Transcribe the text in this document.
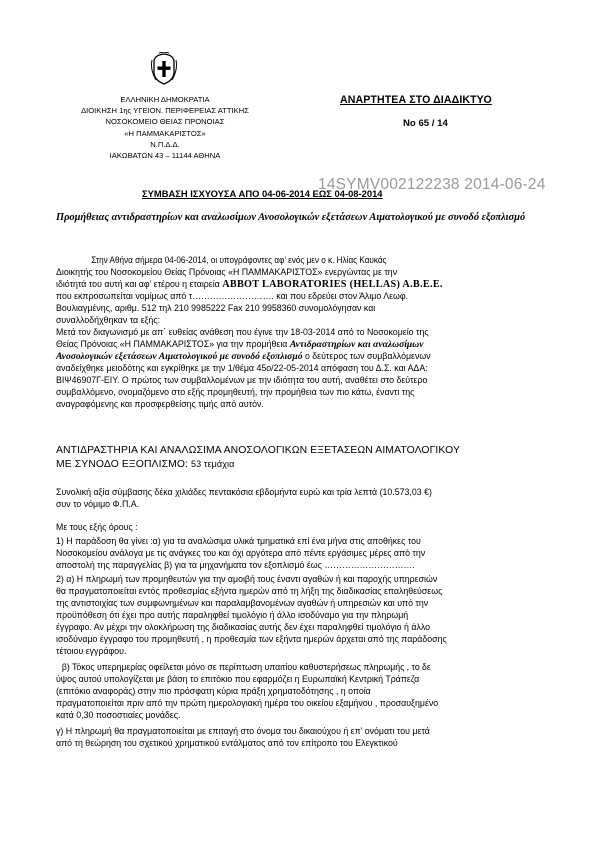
ΕΛΛΗΝΙΚΗ ΔΗΜΟΚΡΑΤΙΑ
ΔΙΟΙΚΗΣΗ 1ης ΥΓΕΙΟΝ. ΠΕΡΙΦΕΡΕΙΑΣ ΑΤΤΙΚΗΣ
ΝΟΣΟΚΟΜΕΙΟ ΘΕΙΑΣ ΠΡΟΝΟΙΑΣ
«Η ΠΑΜΜΑΚΑΡΙΣΤΟΣ»
Ν.Π.Δ.Δ.
ΙΑΚΩΒΑΤΩΝ 43 – 11144 ΑΘΗΝΑ
ΑΝΑΡΤΗΤΕΑ ΣΤΟ ΔΙΑΔΙΚΤΥΟ
Νο 65 / 14
14SYMV002122238 2014-06-24
ΣΥΜΒΑΣΗ ΙΣΧΥΟΥΣΑ ΑΠΟ 04-06-2014 ΕΩΣ 04-08-2014
Προμήθειας αντιδραστηρίων και αναλωσίμων Ανοσολογικών εξετάσεων Αιματολογικού με συνοδό εξοπλισμό
Στην Αθήνα σήμερα 04-06-2014, οι υπογράφοντες αφ’ ενός μεν ο κ. Ηλίας Καυκάς
Διοικητής του Νοσοκομείου Θείας Πρόνοιας «Η ΠΑΜΜΑΚΑΡΙΣΤΟΣ» ενεργώντας με την
ιδιότητά του αυτή και αφ’ ετέρου η εταιρεία ABBOT LABORATORIES (HELLAS) A.B.E.E.
που εκπροσωπείται νομίμως από τ………………………. και που εδρεύει στον Άλιμο Λεωφ.
Βουλιαγμένης, αριθμ. 512 τηλ 210 9985222 Fax 210 9958360 συνομολόγησαν και
συναλλοδήχθηκαν τα εξής:
Μετά τον διαγωνισμό με απ΄ ευθείας ανάθεση που έγινε την 18-03-2014 από το Νοσοκομείο της
Θείας Πρόνοιας «Η ΠΑΜΜΑΚΑΡΙΣΤΟΣ» για την προμήθεια Αντιδραστηρίων και αναλωσίμων
Ανοσολογικών εξετάσεων Αιματολογικού με συνοδό εξοπλισμό ο δεύτερος των συμβαλλόμενων
αναδείχθηκε μειοδότης και εγκρίθηκε με την 1/θέμα 45ο/22-05-2014 απόφαση του Δ.Σ. και ΑΔΑ:
ΒΙΨ46907Γ-ΕΙΥ. Ο πρώτος των συμβαλλομένων με την ιδιότητα του αυτή, αναθέτει στο δεύτερο
συμβαλλόμενο, ονομαζόμενο στο εξής προμηθευτή, την προμήθεια των πιο κάτω, έναντι της
αναγραφόμενης και προσφερθείσης τιμής από αυτόν.
ΑΝΤΙΔΡΑΣΤΗΡΙΑ ΚΑΙ ΑΝΑΛΩΣΙΜΑ ΑΝΟΣΟΛΟΓΙΚΩΝ ΕΞΕΤΑΣΕΩΝ ΑΙΜΑΤΟΛΟΓΙΚΟΥ
ΜΕ ΣΥΝΟΔΟ ΕΞΟΠΛΙΣΜΟ: 53 τεμάχια
Συνολική αξία σύμβασης δέκα χιλιάδες πεντακόσια εβδομήντα ευρώ και τρία λεπτά (10.573,03 €)
συν το νόμιμο Φ.Π.Α.
Με τους εξής όρους :
1) Η παράδοση θα γίνει :α) για τα αναλώσιμα υλικά τμηματικά επί ένα μήνα στις αποθήκες του
Νοσοκομείου ανάλογα με τις ανάγκες του και όχι αργότερα από πέντε εργάσιμες μέρες από την
αποστολή της παραγγελίας β) για τα μηχανήματα τον εξοπλισμό έως ………………………….
2) α) Η πληρωμή των προμηθευτών για την αμοιβή τους έναντι αγαθών ή και παροχής υπηρεσιών
θα πραγματοποιείται εντός προθεσμίας εξήντα ημερών από τη λήξη της διαδικασίας επαληθεύσεως
της αντιστοιχίας των συμφωνημένων και παραλαμβανομένων αγαθών ή υπηρεσιών και υπό την
προϋπόθεση ότι έχει προ αυτής παραληφθεί τιμολόγιο ή άλλο ισοδύναμο για την πληρωμή
έγγραφο. Αν μέχρι την ολοκλήρωση της διαδικασίας αυτής δεν έχει παραληφθεί τιμολόγιο ή άλλο
ισοδύναμο έγγραφο του προμηθευτή , η προθεσμία των εξήντα ημερών άρχεται από της παράδοσης
τέτοιου εγγράφου.
β) Τόκος υπερημερίας οφείλεται μόνο σε περίπτωση υπαιτίου καθυστερήσεως πληρωμής , το δε
ύψος αυτού υπολογίζεται με βάση το επιτόκιο που εφαρμόζει η Ευρωπαϊκή Κεντρική Τράπεζα
(επιτόκιο αναφοράς) στην πιο πρόσφατη κύρια πράξη χρηματοδότησης , η οποία
πραγματοποιείται πριν από την πρώτη ημερολογιακή ημέρα του οικείου εξαμήνου , προσαυξημένο
κατά 0,30 ποσοστιαίες μονάδες.
γ) Η πληρωμή θα πραγματοποιείται με επιταγή στο όνομα του δικαιούχου ή επ’ ονόματι του μετά
από τη θεώρηση του σχετικού χρηματικού εντάλματος από τον επίτροπο του Ελεγκτικού
